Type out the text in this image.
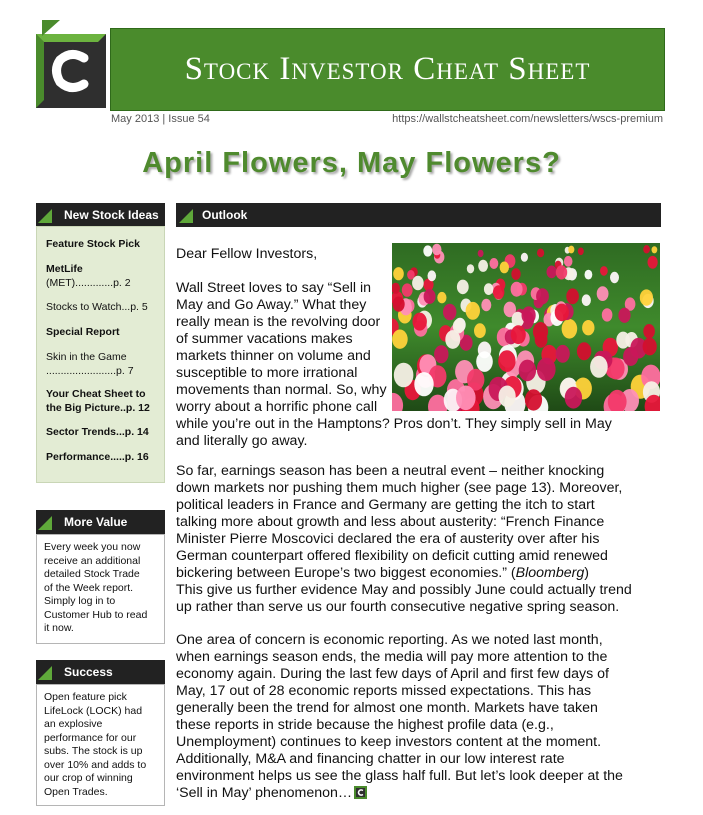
Stock Investor Cheat Sheet
May 2013 | Issue 54	https://wallstcheatsheet.com/newsletters/wscs-premium
April Flowers, May Flowers?
New Stock Ideas
Feature Stock Pick
MetLife
(MET).............p. 2
Stocks to Watch...p. 5
Special Report
Skin in the Game
........................p. 7
Your Cheat Sheet to
the Big Picture..p. 12
Sector Trends...p. 14
Performance.....p. 16
More Value
Every week you now
receive an additional
detailed Stock Trade
of the Week report.
Simply log in to
Customer Hub to read
it now.
Success
Open feature pick
LifeLock (LOCK) had
an explosive
performance for our
subs. The stock is up
over 10% and adds to
our crop of winning
Open Trades.
Outlook
Dear Fellow Investors,
Wall Street loves to say “Sell in
May and Go Away.” What they
really mean is the revolving door
of summer vacations makes
markets thinner on volume and
susceptible to more irrational
movements than normal. So, why
worry about a horrific phone call
while you’re out in the Hamptons? Pros don’t. They simply sell in May
and literally go away.
So far, earnings season has been a neutral event – neither knocking
down markets nor pushing them much higher (see page 13). Moreover,
political leaders in France and Germany are getting the itch to start
talking more about growth and less about austerity: “French Finance
Minister Pierre Moscovici declared the era of austerity over after his
German counterpart offered flexibility on deficit cutting amid renewed
bickering between Europe’s two biggest economies.” (Bloomberg)
This give us further evidence May and possibly June could actually trend
up rather than serve us our fourth consecutive negative spring season.
One area of concern is economic reporting. As we noted last month,
when earnings season ends, the media will pay more attention to the
economy again. During the last few days of April and first few days of
May, 17 out of 28 economic reports missed expectations. This has
generally been the trend for almost one month. Markets have taken
these reports in stride because the highest profile data (e.g.,
Unemployment) continues to keep investors content at the moment.
Additionally, M&A and financing chatter in our low interest rate
environment helps us see the glass half full. But let’s look deeper at the
‘Sell in May’ phenomenon…
